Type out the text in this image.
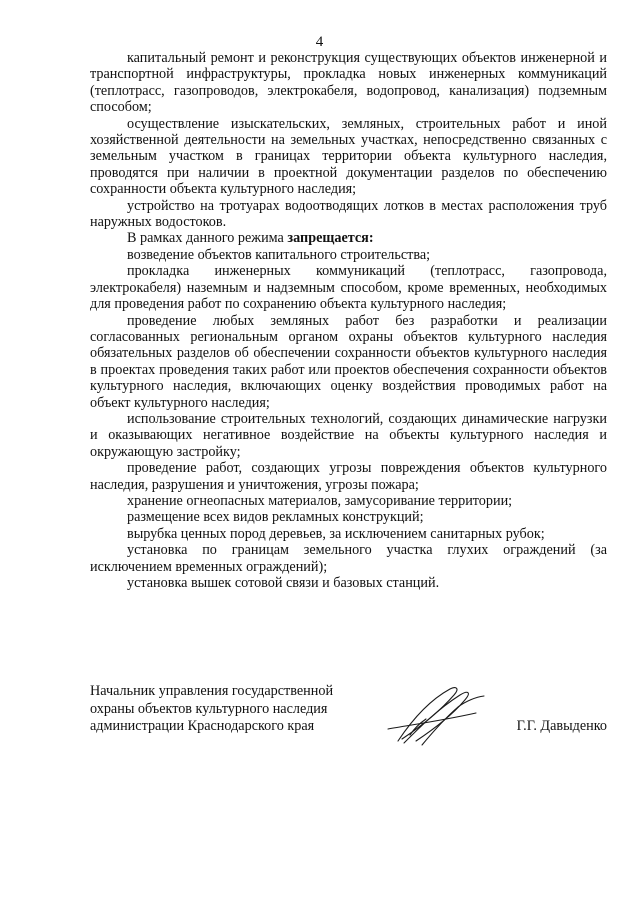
4

капитальный ремонт и реконструкция существующих объектов инженерной и транспортной инфраструктуры, прокладка новых инженерных коммуникаций (теплотрасс, газопроводов, электрокабеля, водопровод, канализация) подземным способом;

осуществление изыскательских, земляных, строительных работ и иной хозяйственной деятельности на земельных участках, непосредственно связанных с земельным участком в границах территории объекта культурного наследия, проводятся при наличии в проектной документации разделов по обеспечению сохранности объекта культурного наследия;

устройство на тротуарах водоотводящих лотков в местах расположения труб наружных водостоков.

В рамках данного режима запрещается:

возведение объектов капитального строительства;

прокладка инженерных коммуникаций (теплотрасс, газопровода, электрокабеля) наземным и надземным способом, кроме временных, необходимых для проведения работ по сохранению объекта культурного наследия;

проведение любых земляных работ без разработки и реализации согласованных региональным органом охраны объектов культурного наследия обязательных разделов об обеспечении сохранности объектов культурного наследия в проектах проведения таких работ или проектов обеспечения сохранности объектов культурного наследия, включающих оценку воздействия проводимых работ на объект культурного наследия;

использование строительных технологий, создающих динамические нагрузки и оказывающих негативное воздействие на объекты культурного наследия и окружающую застройку;

проведение работ, создающих угрозы повреждения объектов культурного наследия, разрушения и уничтожения, угрозы пожара;

хранение огнеопасных материалов, замусоривание территории;

размещение всех видов рекламных конструкций;

вырубка ценных пород деревьев, за исключением санитарных рубок;

установка по границам земельного участка глухих ограждений (за исключением временных ограждений);

установка вышек сотовой связи и базовых станций.

Начальник управления государственной
охраны объектов культурного наследия
администрации Краснодарского края	Г.Г. Давыденко
